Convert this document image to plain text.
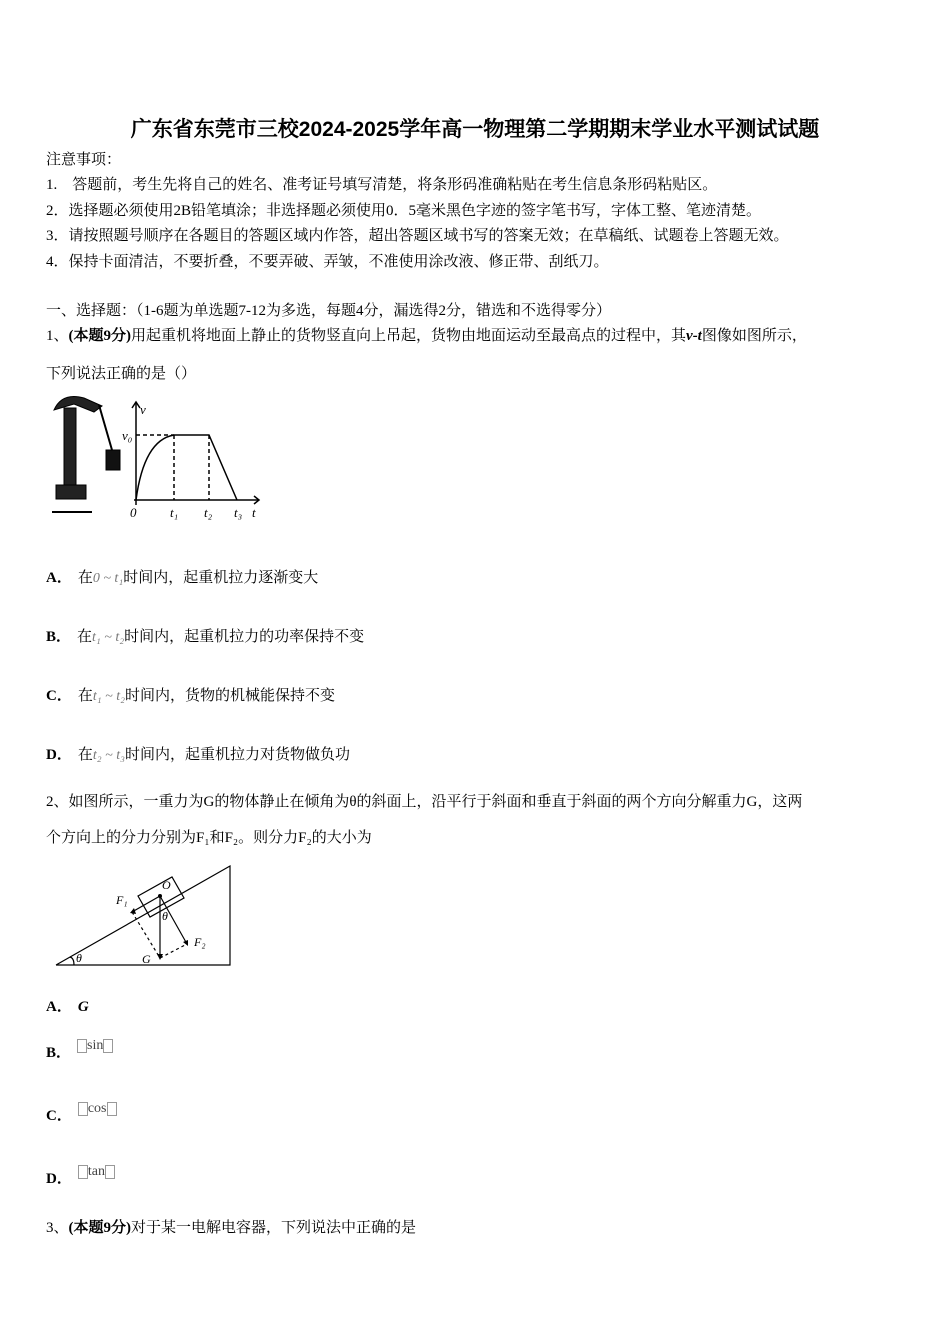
广东省东莞市三校2024-2025学年高一物理第二学期期末学业水平测试试题
注意事项：
1.　答题前，考生先将自己的姓名、准考证号填写清楚，将条形码准确粘贴在考生信息条形码粘贴区。
2．选择题必须使用2B铅笔填涂；非选择题必须使用0．5毫米黑色字迹的签字笔书写，字体工整、笔迹清楚。
3．请按照题号顺序在各题目的答题区域内作答，超出答题区域书写的答案无效；在草稿纸、试题卷上答题无效。
4．保持卡面清洁，不要折叠，不要弄破、弄皱，不准使用涂改液、修正带、刮纸刀。
一、选择题：（1-6题为单选题7-12为多选，每题4分，漏选得2分，错选和不选得零分）
1、(本题9分)用起重机将地面上静止的货物竖直向上吊起，货物由地面运动至最高点的过程中，其v-t图像如图所示，
下列说法正确的是（）
v
v₀
0	t₁ t₂ t₃ t
A． 在0 ~ t₁时间内，起重机拉力逐渐变大
B． 在t₁ ~ t₂时间内，起重机拉力的功率保持不变
C． 在t₁ ~ t₂时间内，货物的机械能保持不变
D． 在t₂ ~ t₃时间内，起重机拉力对货物做负功
2、如图所示，一重力为G的物体静止在倾角为θ的斜面上，沿平行于斜面和垂直于斜面的两个方向分解重力G，这两
个方向上的分力分别为F₁和F₂。则分力F₂的大小为
O
F₁
F₂
G
θ
θ
A． G
B． sin
C． cos
D． tan
3、(本题9分)对于某一电解电容器，下列说法中正确的是
